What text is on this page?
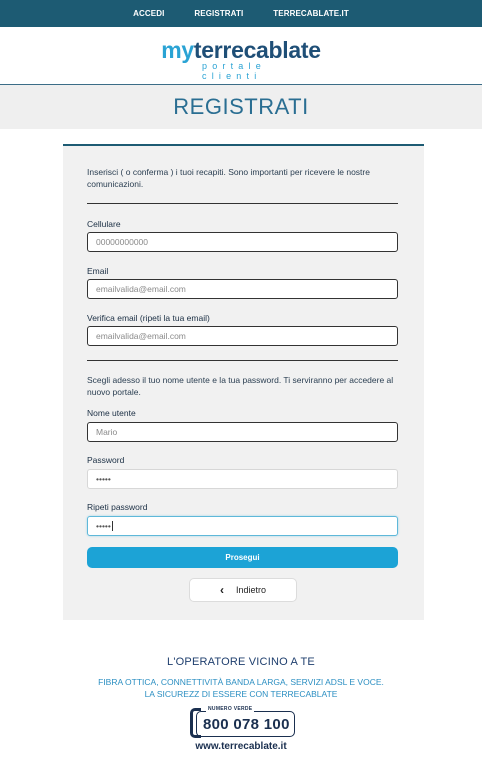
ACCEDI	REGISTRATI	TERRECABLATE.IT
myterrecablate
portale clienti
REGISTRATI
Inserisci ( o conferma ) i tuoi recapiti. Sono importanti per ricevere le nostre comunicazioni.
Cellulare
00000000000
Email
emailvalida@email.com
Verifica email (ripeti la tua email)
emailvalida@email.com
Scegli adesso il tuo nome utente e la tua password. Ti serviranno per accedere al nuovo portale.
Nome utente
Mario
Password
•••••
Ripeti password
•••••
Prosegui
‹ Indietro
L'OPERATORE VICINO A TE
FIBRA OTTICA, CONNETTIVITÀ BANDA LARGA, SERVIZI ADSL E VOCE.
LA SICUREZZ DI ESSERE CON TERRECABLATE
NUMERO VERDE
800 078 100
www.terrecablate.it
